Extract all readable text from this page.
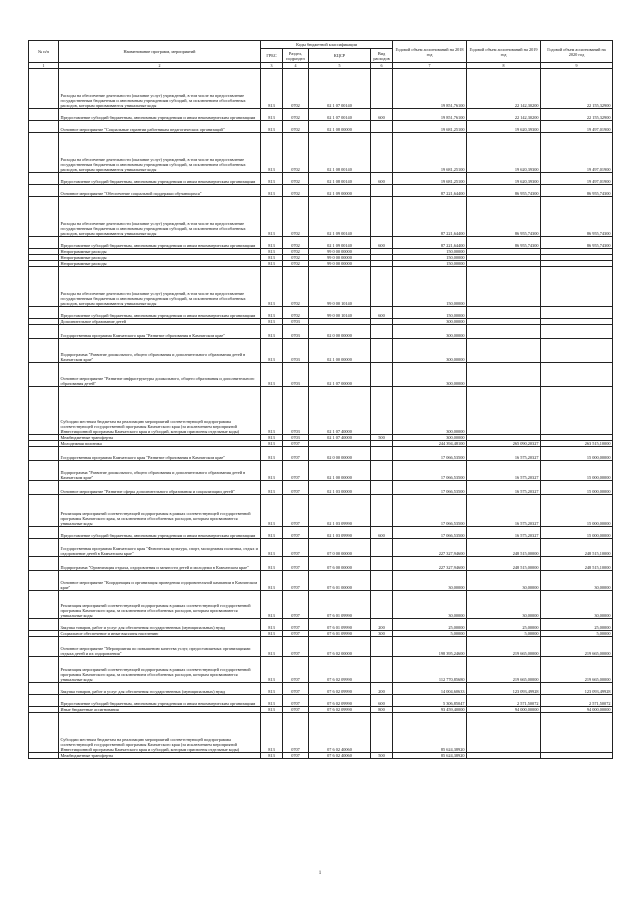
№ п/п	Наименование программ, мероприятий	Коды бюджетной классификации				Годовой объем ассигнований на 2018 год	Годовой объем ассигнований на 2019 год	Годовой объем ассигнований на 2020 год
		ГРБС	Раздел, подраздел	КЦСР	Вид расходов			
1	2	3	4	5	6	7	8	9
	Расходы на обеспечение деятельности (оказание услуг) учреждений, в том числе на предоставление государственным бюджетным и автономным учреждениям субсидий, за исключением обособленных расходов, которым присваиваются уникальные коды	813	0702	02 1 07 00140		19 851,76100	22 142,30200	22 155,32900
	Предоставление субсидий бюджетным, автономным учреждениям и иным некоммерческим организациям	813	0702	02 1 07 00140	600	19 851,76100	22 142,30200	22 155,32900
	Основное мероприятие "Социальные гарантии работникам педагогических организаций"	813	0702	02 1 08 00000		19 681,25100	19 620,39300	19 497,01900
	Расходы на обеспечение деятельности (оказание услуг) учреждений, в том числе на предоставление государственным бюджетным и автономным учреждениям субсидий, за исключением обособленных расходов, которым присваиваются уникальные коды	813	0702	02 1 08 00140		19 681,25100	19 620,39300	19 497,01900
	Предоставление субсидий бюджетным, автономным учреждениям и иным некоммерческим организациям	813	0702	02 1 08 00140	600	19 681,25100	19 620,39300	19 497,01900
	Основное мероприятие "Обеспечение социальной поддержки обучающихся"	813	0702	02 1 09 00000		87 221,64400	86 955,74300	86 955,74300
	Расходы на обеспечение деятельности (оказание услуг) учреждений, в том числе на предоставление государственным бюджетным и автономным учреждениям субсидий, за исключением обособленных расходов, которым присваиваются уникальные коды	813	0702	02 1 09 00140		87 221,64400	86 955,74300	86 955,74300
	Предоставление субсидий бюджетным, автономным учреждениям и иным некоммерческим организациям	813	0702	02 1 09 00140	600	87 221,64400	86 955,74300	86 955,74300
	Непрограммные расходы	813	0702	99 0 00 00000		150,00000		
	Непрограммные расходы	813	0702	99 0 00 00000		150,00000		
	Непрограммные расходы	813	0702	99 0 00 00000		150,00000		
	Расходы на обеспечение деятельности (оказание услуг) учреждений, в том числе на предоставление государственным бюджетным и автономным учреждениям субсидий, за исключением обособленных расходов, которым присваиваются уникальные коды	813	0702	99 0 00 10140		150,00000		
	Предоставление субсидий бюджетным, автономным учреждениям и иным некоммерческим организациям	813	0702	99 0 00 10140	600	150,00000		
	Дополнительное образование детей	813	0703			300,00000		
	Государственная программа Камчатского края "Развитие образования в Камчатском крае"	813	0703	02 0 00 00000		300,00000		
	Подпрограмма "Развитие дошкольного, общего образования и дополнительного образования детей в Камчатском крае"	813	0703	02 1 00 00000		300,00000		
	Основное мероприятие "Развитие инфраструктуры дошкольного, общего образования и дополнительного образования детей"	813	0703	02 1 07 00000		300,00000		
	Субсидии местным бюджетам на реализацию мероприятий соответствующей подпрограммы соответствующей государственной программы Камчатского края (за исключением мероприятий Инвестиционной программы Камчатского края и субсидий, которым присвоены отдельные коды)	813	0703	02 1 07 40000		300,00000		
	Межбюджетные трансферты	813	0703	02 1 07 40000	500	300,00000		
	Молодежная политика	813	0707			244 394,48100	265 090,20327	263 515,10000
	Государственная программа Камчатского края "Развитие образования в Камчатском крае"	813	0707	02 0 00 00000		17 066,53500	16 575,20327	15 000,00000
	Подпрограмма "Развитие дошкольного, общего образования и дополнительного образования детей в Камчатском крае"	813	0707	02 1 00 00000		17 066,53500	16 575,20327	15 000,00000
	Основное мероприятие "Развитие сферы дополнительного образования и социализации детей"	813	0707	02 1 03 00000		17 066,53500	16 575,20327	15 000,00000
	Реализация мероприятий соответствующей подпрограммы в рамках соответствующей государственной программы Камчатского края, за исключением обособленных расходов, которым присваиваются уникальные коды	813	0707	02 1 03 09990		17 066,53500	16 575,20327	15 000,00000
	Предоставление субсидий бюджетным, автономным учреждениям и иным некоммерческим организациям	813	0707	02 1 03 09990	600	17 066,53500	16 575,20327	15 000,00000
	Государственная программа Камчатского края "Физическая культура, спорт, молодежная политика, отдых и оздоровление детей в Камчатском крае"	813	0707	07 0 00 00000		227 327,94600	248 515,00000	248 515,10000
	Подпрограмма "Организация отдыха, оздоровления и занятости детей и молодежи в Камчатском крае"	813	0707	07 6 00 00000		227 327,94600	248 515,00000	248 515,10000
	Основное мероприятие "Координация и организация проведения оздоровительной кампании в Камчатском крае"	813	0707	07 6 01 00000		30,00000	30,00000	30,00000
	Реализация мероприятий соответствующей подпрограммы в рамках соответствующей государственной программы Камчатского края, за исключением обособленных расходов, которым присваиваются уникальные коды	813	0707	07 6 01 09990		30,00000	30,00000	30,00000
	Закупка товаров, работ и услуг для обеспечения государственных (муниципальных) нужд	813	0707	07 6 01 09990	200	25,00000	25,00000	25,00000
	Социальное обеспечение и иные выплаты населению	813	0707	07 6 01 09990	300	5,00000	5,00000	5,00000
	Основное мероприятие "Мероприятия по повышению качества услуг, предоставляемых организациями отдыха детей и их оздоровления"	813	0707	07 6 02 00000		198 395,24600	219 665,00000	219 665,00000
	Реализация мероприятий соответствующей подпрограммы в рамках соответствующей государственной программы Камчатского края, за исключением обособленных расходов, которым присваиваются уникальные коды	813	0707	07 6 02 09990		112 770,85680	219 665,00000	219 665,00000
	Закупка товаров, работ и услуг для обеспечения государственных (муниципальных) нужд	813	0707	07 6 02 09990	200	14 004,60633	123 093,49928	123 093,49928
	Предоставление субсидий бюджетным, автономным учреждениям и иным некоммерческим организациям	813	0707	07 6 02 09990	600	5 306,85047	2 571,50072	2 571,50072
	Иные бюджетные ассигнования	813	0707	07 6 02 09990	800	93 459,40000	94 000,00000	94 000,00000
	Субсидии местным бюджетам на реализацию мероприятий соответствующей подпрограммы соответствующей государственной программы Камчатского края (за исключением мероприятий Инвестиционной программы Камчатского края и субсидий, которым присвоены отдельные коды)	813	0707	07 6 02 40060		85 624,38920		
	Межбюджетные трансферты	813	0707	07 6 02 40060	500	85 624,38920		
1
